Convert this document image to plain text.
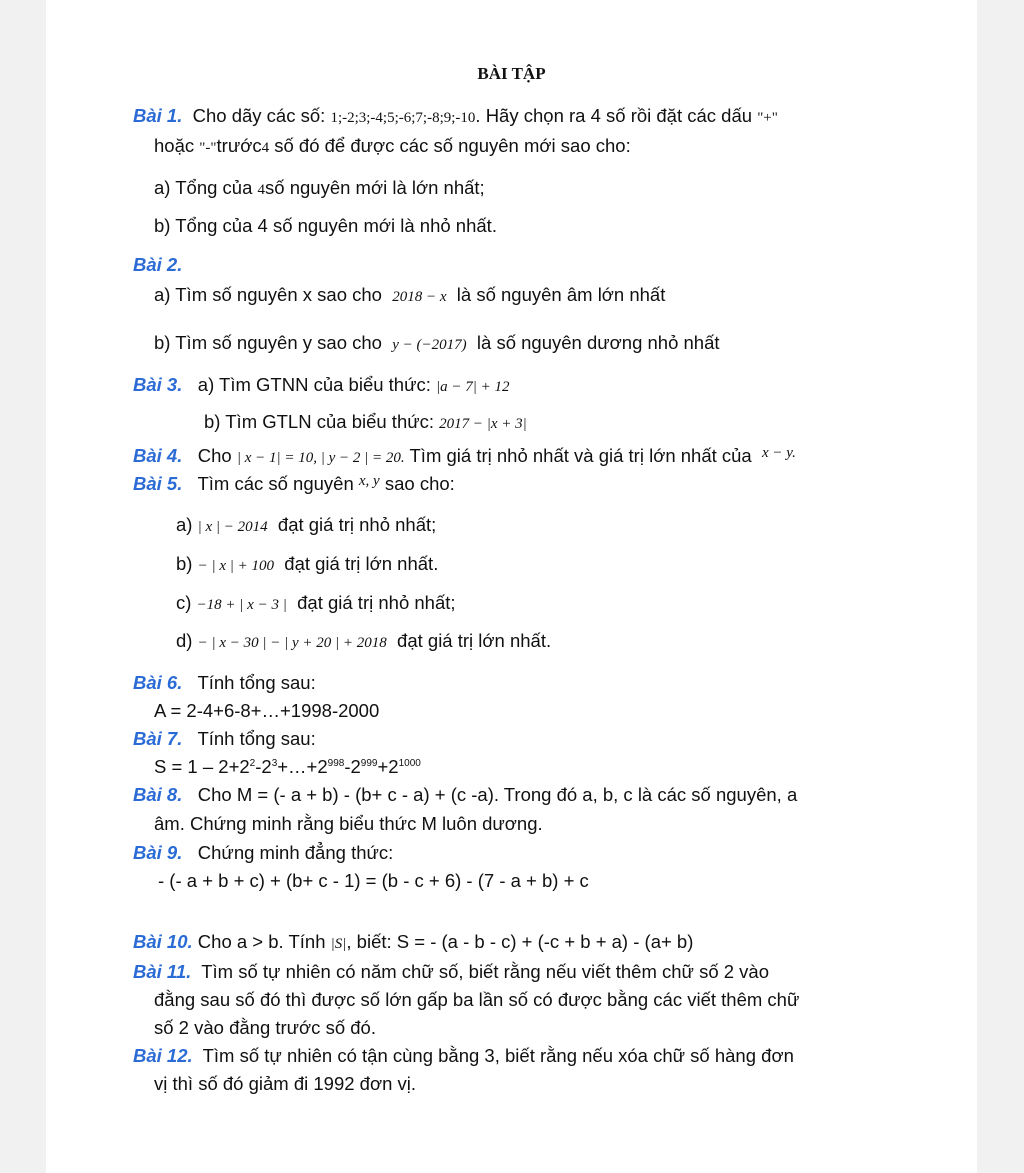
BÀI TẬP
Bài 1. Cho dãy các số: 1;-2;3;-4;5;-6;7;-8;9;-10. Hãy chọn ra 4 số rồi đặt các dấu "+"
hoặc "-"trước4 số đó để được các số nguyên mới sao cho:
a) Tổng của 4số nguyên mới là lớn nhất;
b) Tổng của 4 số nguyên mới là nhỏ nhất.
Bài 2.
a) Tìm số nguyên x sao cho 2018 − x là số nguyên âm lớn nhất
b) Tìm số nguyên y sao cho y − (−2017) là số nguyên dương nhỏ nhất
Bài 3. a) Tìm GTNN của biểu thức: |a − 7| + 12
b) Tìm GTLN của biểu thức: 2017 − |x + 3|
Bài 4. Cho | x − 1| = 10, | y − 2 | = 20. Tìm giá trị nhỏ nhất và giá trị lớn nhất của $^{x - y.}$
Bài 5. Tìm các số nguyên $^{x, y}$ sao cho:
a) | x | − 2014 đạt giá trị nhỏ nhất;
b) − | x | + 100 đạt giá trị lớn nhất.
c) −18 + | x − 3 | đạt giá trị nhỏ nhất;
d) − | x − 30 | − | y + 20 | + 2018 đạt giá trị lớn nhất.
Bài 6. Tính tổng sau:
A = 2-4+6-8+…+1998-2000
Bài 7. Tính tổng sau:
$S = 1 - 2+2^2-2^3+\dots+2^{998}-2^{999}+2^{1000}$
Bài 8. Cho M = (- a + b) - (b+ c - a) + (c -a). Trong đó a, b, c là các số nguyên, a
âm. Chứng minh rằng biểu thức M luôn dương.
Bài 9. Chứng minh đẳng thức:
- (- a + b + c) + (b+ c - 1) = (b - c + 6) - (7 - a + b) + c
Bài 10. Cho a > b. Tính |S|, biết: S = - (a - b - c) + (-c + b + a) - (a+ b)
Bài 11. Tìm số tự nhiên có năm chữ số, biết rằng nếu viết thêm chữ số 2 vào
đằng sau số đó thì được số lớn gấp ba lần số có được bằng các viết thêm chữ
số 2 vào đằng trước số đó.
Bài 12. Tìm số tự nhiên có tận cùng bằng 3, biết rằng nếu xóa chữ số hàng đơn
vị thì số đó giảm đi 1992 đơn vị.
